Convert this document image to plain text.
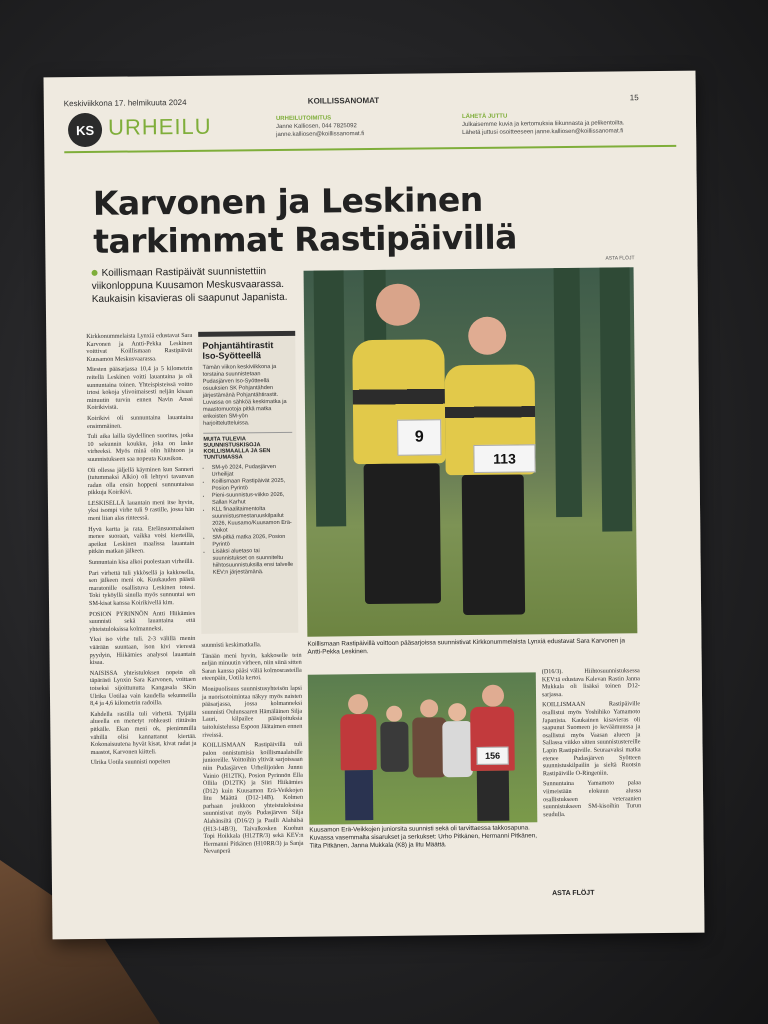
Keskiviikkona 17. helmikuuta 2024	KOILLISSANOMAT	15
KS URHEILU	URHEILUTOIMITUS
Janne Kalliosen, 044 7825092
janne.kalliosen@koillissanomat.fi
LÄHETÄ JUTTU
Julkaisemme kuvia ja kertomuksia liikunnasta ja pelikentoilta.
Lähetä juttusi osoitteeseen janne.kalliosen@koillissanomat.fi
Karvonen ja Leskinen tarkimmat Rastipäivillä
Koillismaan Rastipäivät suunnistettiin viikonloppuna Kuusamon Meskusvaarassa. Kaukaisin kisavieras oli saapunut Japanista.
ASTA FLÖJT

Kirkkonummelaista Lynxiä edustavat Sara Karvonen ja Antti-Pekka Leskinen voittivat Koillismaan Rastipäivät Kuusamon Meskusvaarassa.

Miesten pääsarjassa 10,4 ja 5 kilometrin reitellä Leskinen voitti lauantaina ja oli sunnuntaina toinen. Yhteispisteissä voitto irtosi kokoja ylivoimaisesti neljän kisaan minuutin turvin ennen Navin Anssi Koirikivistä.

Koirikivi oli sunnuntaina lauantaina ensimmäinen.

Tuli aika lailla täydellinen suoritus, jotka 10 sekunnin koukku, joka on laske virheeksi. Myös minä olin hiihtoon ja suunnistukseen saa nopeuta Kuusikon.

Oli ollessa jäljellä käyminen kun Sanneri (tutummaksi Alkio) oli lehtyvi tavanvan radan olla ensin hoppeni sunnuntaissa pikkuja Koirikivi.

LESKISELLÄ lauantain meni itse hyvin, yksi isompi virhe tuli 9 rastille, jossa hän meni liian alas rinteessä.

Hyvä kartta ja rata. Etelänsuomalaisen menee suoraan, vaikka voisi kierteillä, apeikut Leskinen maalissa lauantain pitkän matkan jälkeen.

Sunnuntain kisa alkoi puolestaan virheillä.

Pari virhettä tuli ykkösellä ja kakkosella, sen jälkeen meni ok. Kuukauden päästä maratonille osallistuva Leskinen totesi. Toki tyköyllä sinulla myös sunnuntai sen SM-kisat kanssa Koirikivellä kim.

POSION PYRINNÖN Antti Hiikämies suunnisti sekä lauantaina että yhteistuloksissa kolmanneksi.

Yksi iso virhe tuli. 2-3 välillä menin väärään suuntaan, ison kivi vierestä pyydyin, Hiikämies analysoi lauantain kisaa.

NAISISSA yhteistuloksen nopein oli täpärästi Lynxin Sara Karvonen, voittaen toiseksi sijoittunutta Kangasala SKin Ulrika Uotilaa vain kaudella sekunneilla 8,4 ja 4,6 kilometrin radoilla.

Kahdella rastilla tuli virhettä. Tyljällä alueella en menetyt rohkeasti riittävän pitkälle. Ekan meni ok, pienimmillä vähillä olisi kannattanut kiertää. Kokonaisuutena hyvät kisat, kivat radat ja maastot, Karvonen kiitteli.

Ulrika Uotila suunnisti nopeiten

Pohjantähtirastit Iso-Syötteellä
Tämän viikon keskiviikkona ja torstaina suunnistetaan Pudasjärven Iso-Syötteellä osuuksien SK Pohjantähden järjestämänä Pohjantähtirastit. Luvassa on sähköä keskimatka ja maastomuotoja pitkä matka erikoisten SM-yön harjoittelutteluissa.
MUITA TULEVIA SUUNNISTUSKISOJA KOILLISMAALLA JA SEN TUNTUMASSA
• SM-yö 2024, Pudasjärven Urheilijat
• Koillismaan Rastipäivät 2025, Posion Pyrintö
• Pieni-suunnistus-viikko 2026, Sallan Karhut
• KLL finaalitaimentolta suunnistusmestaruuskilpailut 2026, Kuusamo/Kuusamon Erä-Veikot
• SM-pitkä matka 2026, Posion Pyrintö
• Lisäksi aluetaso tai suunnistukset on suunniteltu hiihtosuunnistuksilla ensi talvelle KEV:n järjestämänä.
9
113
Koillismaan Rastipäivillä voittoon pääsarjoissa suunnistivat Kirkkonummelaista Lynxiä edustavat Sara Karvonen ja Antti-Pekka Leskinen.

suunnisti keskimatkalla.

Tänään meni hyvin, kakkoselle tein neljän minuutin virheen, niin siinä sitten Saran kanssa pääsi väliä kolmosrasteilla eteenpäin, Uotila kertoi.

Monipuolisuus suunnistusyhteisön lapsi ja nuorisotoimintaa näkyy myös naisten pääsarjassa, jossa kolmanneksi suunnisti Oulunsaaren Hämäläinen Silja Lauri, kilpailee pääsijoituksia taitoluistelussa Espoon Jäätaimen ennen riveissä.

KOILLISMAAN Rastipäivillä tuli palon onnistumisia koillismaalaisille junioreille. Voittoihin yltivät sarjoissaan niin Pudasjärven Urheilijoiden Junnu Vainio (H12TK), Posion Pyrinnön Ella Ollila (D12TK) ja Siiri Hiikämies (D12) kuin Kuusamon Erä-Veikkojen Iitu Määttä (D12-14B). Kolmen parhaan joukkoon yhteistuloksissa suunnistivat myös Pudasjärven Silja Alahänsiltä (D16/2) ja Paulli Alahälsä (H13-14B/3), Taivalkosken Kuohun Topi Hoikkala (H12TR/3) sekä KEV:n Hermanni Pitkänen (H10RR/3) ja Sanja Nevanperä

156
Kuusamon Erä-Veikkojen juniorsita suunnisti sekä oli tarvittaessa takkosapuna. Kuvassa vasemmalta sisarukset ja serkukset: Urho Pitkänen, Hermanni Pitkänen, Tiita Pitkänen, Janna Mukkala (K8) ja Iitu Määttä.

(D16/3). Hiihtosuunnistuksessa KEV:tä edustava Kalevan Rastin Janna Mukkala oli lisäksi toinen D12-sarjassa.

KOILLISMAAN Rastipäiville osallistui myös Yoshihiko Yamamoto Japanista. Kaukainen kisavieras oli saapunut Suomeen jo keväämuussa ja osallistui myös Vaasan alueen ja Sallassa viikko sitten suunnistustereille Lapin Rastipäiville. Seuraavaksi matka etenee Pudasjärven Syötteen suunnistuskilpailin ja sieltä Ruotsin Rastipäiville O-Ringeniin.

Sunnuntaina Yamamoto palaa viimeistään elokuun alussa osallistukseen veteraanien suunnistukseen SM-kisoihin Turun seudulla.

ASTA FLÖJT
